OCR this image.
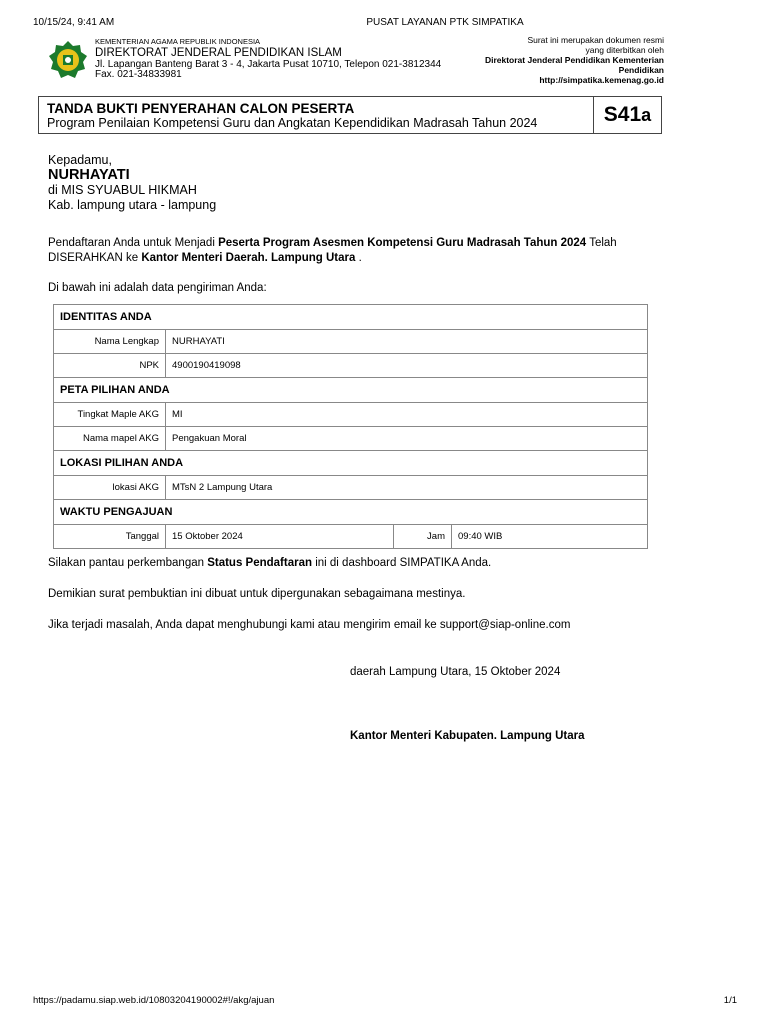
10/15/24, 9:41 AM	PUSAT LAYANAN PTK SIMPATIKA
KEMENTERIAN AGAMA REPUBLIK INDONESIA
DIREKTORAT JENDERAL PENDIDIKAN ISLAM
Jl. Lapangan Banteng Barat 3 - 4, Jakarta Pusat 10710, Telepon 021-3812344
Fax. 021-34833981
Surat ini merupakan dokumen resmi
yang diterbitkan oleh
Direktorat Jenderal Pendidikan Kementerian
Pendidikan
http://simpatika.kemenag.go.id
TANDA BUKTI PENYERAHAN CALON PESERTA
Program Penilaian Kompetensi Guru dan Angkatan Kependidikan Madrasah Tahun 2024	S41a
Kepadamu,
NURHAYATI
di MIS SYUABUL HIKMAH
Kab. lampung utara - lampung
Pendaftaran Anda untuk Menjadi Peserta Program Asesmen Kompetensi Guru Madrasah Tahun 2024 Telah DISERAHKAN ke Kantor Menteri Daerah. Lampung Utara .
Di bawah ini adalah data pengiriman Anda:
IDENTITAS ANDA			
Nama Lengkap	NURHAYATI		
NPK	4900190419098		
PETA PILIHAN ANDA			
Tingkat Maple AKG	MI		
Nama mapel AKG	Pengakuan Moral		
LOKASI PILIHAN ANDA			
lokasi AKG	MTsN 2 Lampung Utara		
WAKTU PENGAJUAN			
Tanggal	15 Oktober 2024	Jam	09:40 WIB
Silakan pantau perkembangan Status Pendaftaran ini di dashboard SIMPATIKA Anda.
Demikian surat pembuktian ini dibuat untuk dipergunakan sebagaimana mestinya.
Jika terjadi masalah, Anda dapat menghubungi kami atau mengirim email ke support@siap-online.com
daerah Lampung Utara, 15 Oktober 2024
Kantor Menteri Kabupaten. Lampung Utara
https://padamu.siap.web.id/10803204190002#!/akg/ajuan	1/1
